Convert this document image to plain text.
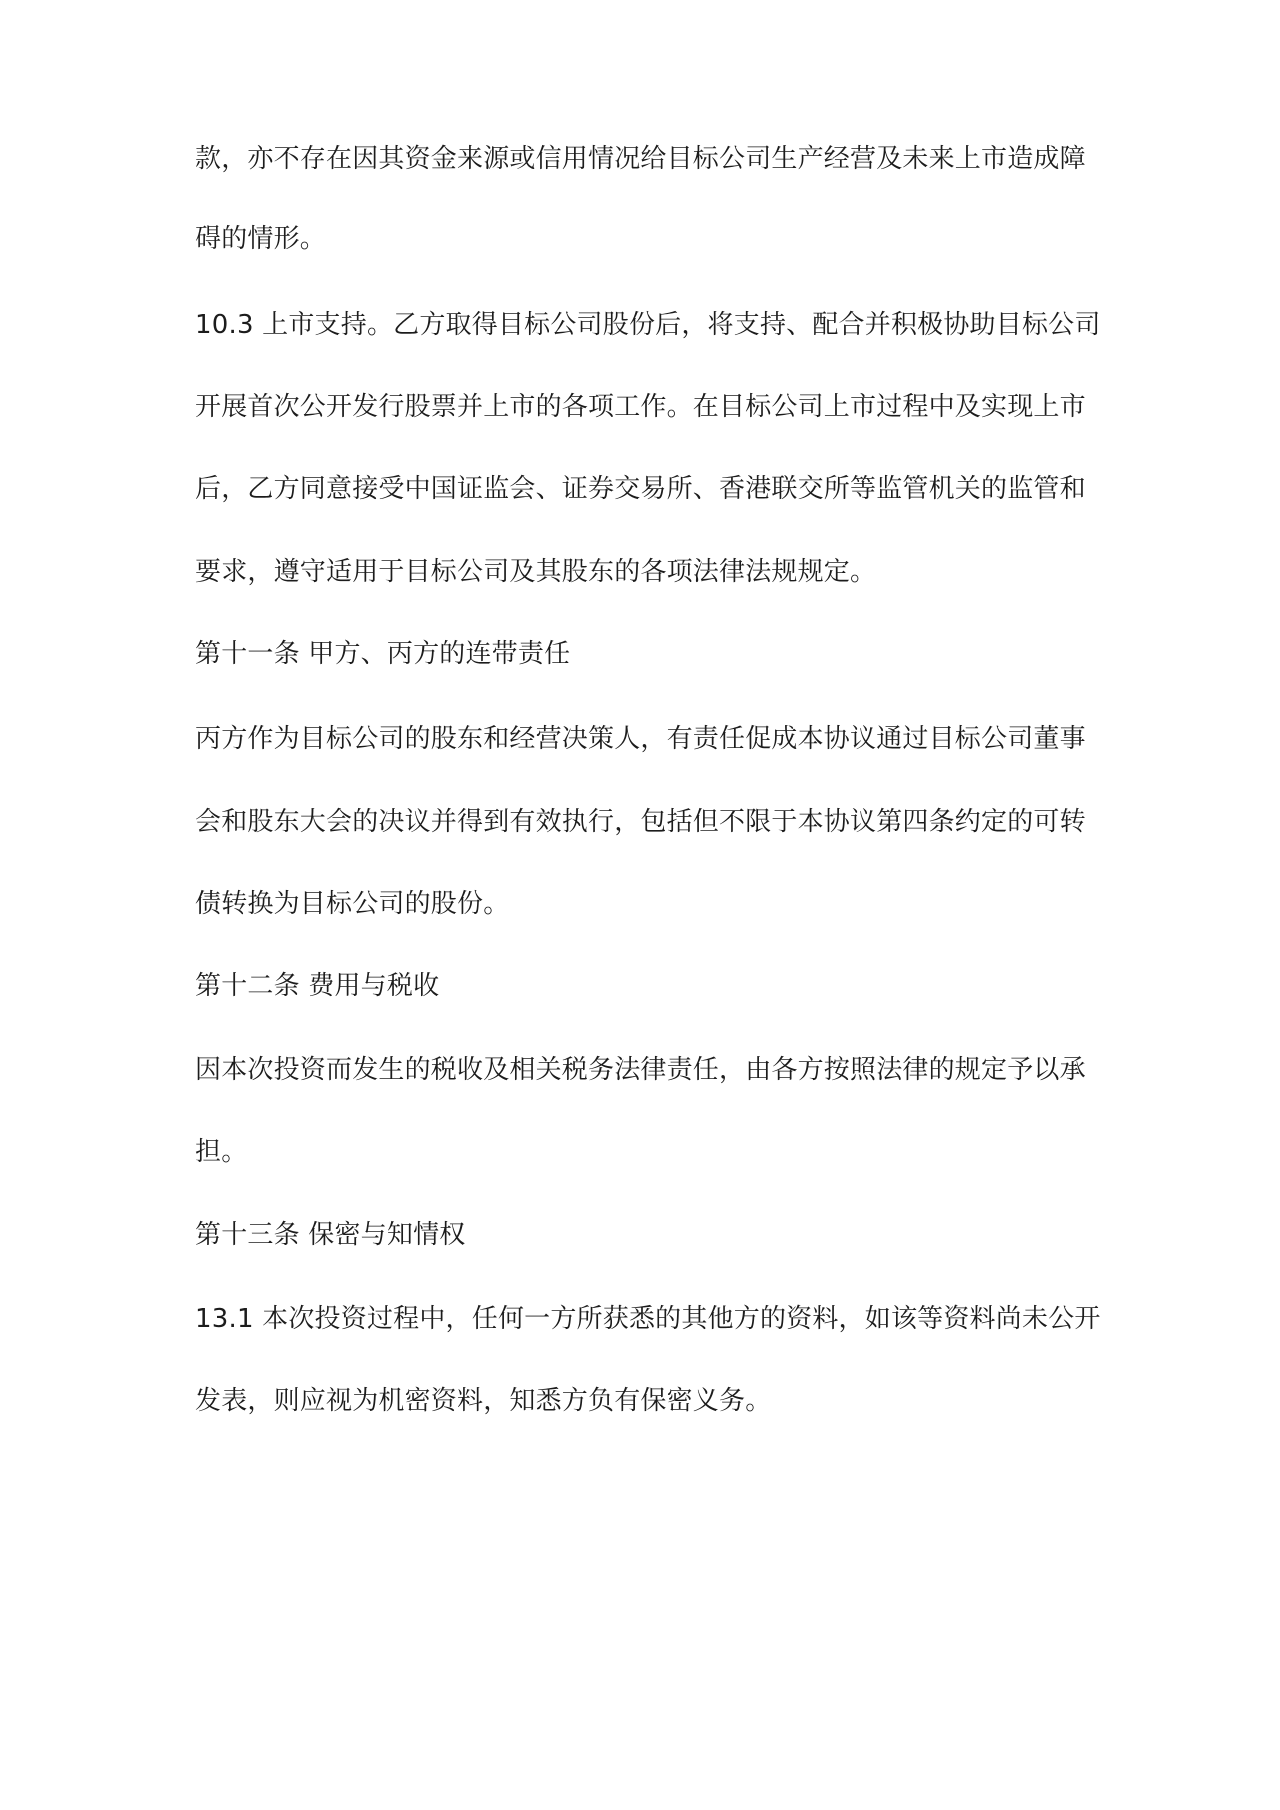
款，亦不存在因其资金来源或信用情况给目标公司生产经营及未来上市造成障
碍的情形。
10.3 上市支持。乙方取得目标公司股份后，将支持、配合并积极协助目标公司
开展首次公开发行股票并上市的各项工作。在目标公司上市过程中及实现上市
后，乙方同意接受中国证监会、证券交易所、香港联交所等监管机关的监管和
要求，遵守适用于目标公司及其股东的各项法律法规规定。
第十一条 甲方、丙方的连带责任
丙方作为目标公司的股东和经营决策人，有责任促成本协议通过目标公司董事
会和股东大会的决议并得到有效执行，包括但不限于本协议第四条约定的可转
债转换为目标公司的股份。
第十二条 费用与税收
因本次投资而发生的税收及相关税务法律责任，由各方按照法律的规定予以承
担。
第十三条 保密与知情权
13.1 本次投资过程中，任何一方所获悉的其他方的资料，如该等资料尚未公开
发表，则应视为机密资料，知悉方负有保密义务。
